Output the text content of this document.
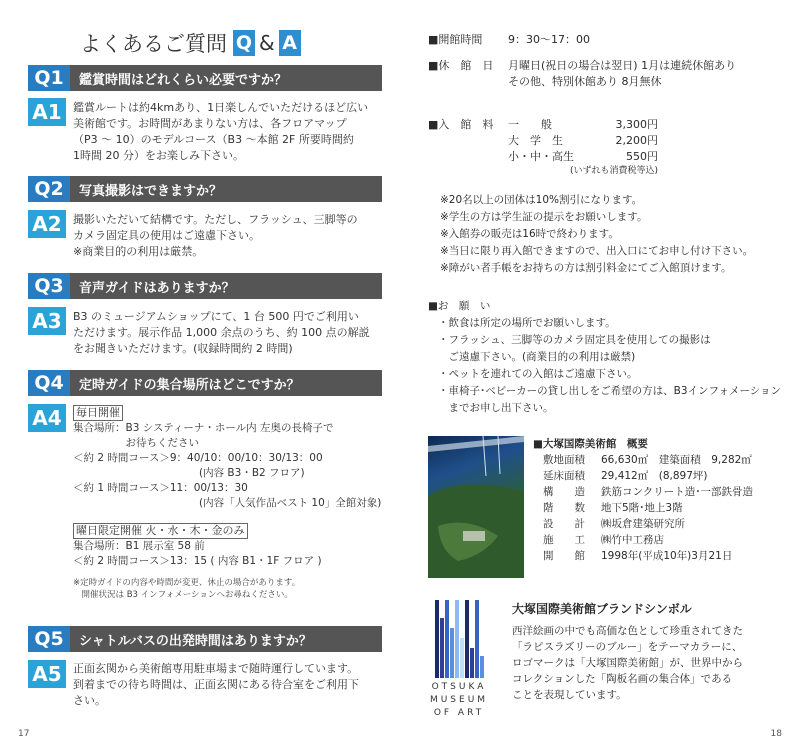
よくあるご質問 Q & A
Q1	鑑賞時間はどれくらい必要ですか？
A1	鑑賞ルートは約4kmあり、1日楽しんでいただけるほど広い
美術館です。お時間があまりない方は、各フロアマップ
（P3 ～ 10）のモデルコース（B3 ～本館 2F 所要時間約
1時間 20 分）をお楽しみ下さい。
Q2	写真撮影はできますか？
A2	撮影いただいて結構です。ただし、フラッシュ、三脚等の
カメラ固定具の使用はご遠慮下さい。
※商業目的の利用は厳禁。
Q3	音声ガイドはありますか？
A3	B3 のミュージアムショップにて、1 台 500 円でご利用い
ただけます。展示作品 1,000 余点のうち、約 100 点の解説
をお聞きいただけます。(収録時間約 2 時間)
Q4	定時ガイドの集合場所はどこですか？
A4	毎日開催
集合場所：B3 システィーナ・ホール内 左奥の長椅子で
　　　　　お待ちください
＜約 2 時間コース＞9：40/10：00/10：30/13：00
　　　　　　　　　　　　(内容 B3・B2 フロア)
＜約 1 時間コース＞11：00/13：30
　　　　　　　　　　　　(内容「人気作品ベスト 10」全館対象)
曜日限定開催 火・水・木・金のみ
集合場所：B1 展示室 58 前
＜約 2 時間コース＞13：15 ( 内容 B1・1F フロア )
※定時ガイドの内容や時間が変更、休止の場合があります。
　開催状況は B3 インフォメーションへお尋ねください。
Q5	シャトルバスの出発時間はありますか？
A5	正面玄関から美術館専用駐車場まで随時運行しています。
到着までの待ち時間は、正面玄関にある待合室をご利用下
さい。
17
■開館時間	9：30～17：00
■休　館　日	月曜日(祝日の場合は翌日) 1月は連続休館あり
その他、特別休館あり 8月無休
■入　館　料	一　　般	3,300円
大　学　生	2,200円
小・中・高生	550円
(いずれも消費税等込)
※20名以上の団体は10%割引になります。
※学生の方は学生証の提示をお願いします。
※入館券の販売は16時で終わります。
※当日に限り再入館できますので、出入口にてお申し付け下さい。
※障がい者手帳をお持ちの方は割引料金にてご入館頂けます。
■お　願　い
・飲食は所定の場所でお願いします。
・フラッシュ、三脚等のカメラ固定具を使用しての撮影は
　ご遠慮下さい。(商業目的の利用は厳禁)
・ペットを連れての入館はご遠慮下さい。
・車椅子･ベビーカーの貸し出しをご希望の方は、B3インフォメーション
　までお申し出下さい。
■大塚国際美術館　概要
敷地面積	66,630㎡　建築面積　9,282㎡
延床面積	29,412㎡　(8,897坪)
構　　造	鉄筋コンクリート造･一部鉄骨造
階　　数	地下5階･地上3階
設　　計	㈱坂倉建築研究所
施　　工	㈱竹中工務店
開　　館	1998年(平成10年)3月21日
OTSUKA
MUSEUM
OF ART
大塚国際美術館ブランドシンボル
西洋絵画の中でも高価な色として珍重されてきた
「ラピスラズリーのブルー」をテーマカラーに、
ロゴマークは「大塚国際美術館」が、世界中から
コレクションした「陶板名画の集合体」である
ことを表現しています。
18
